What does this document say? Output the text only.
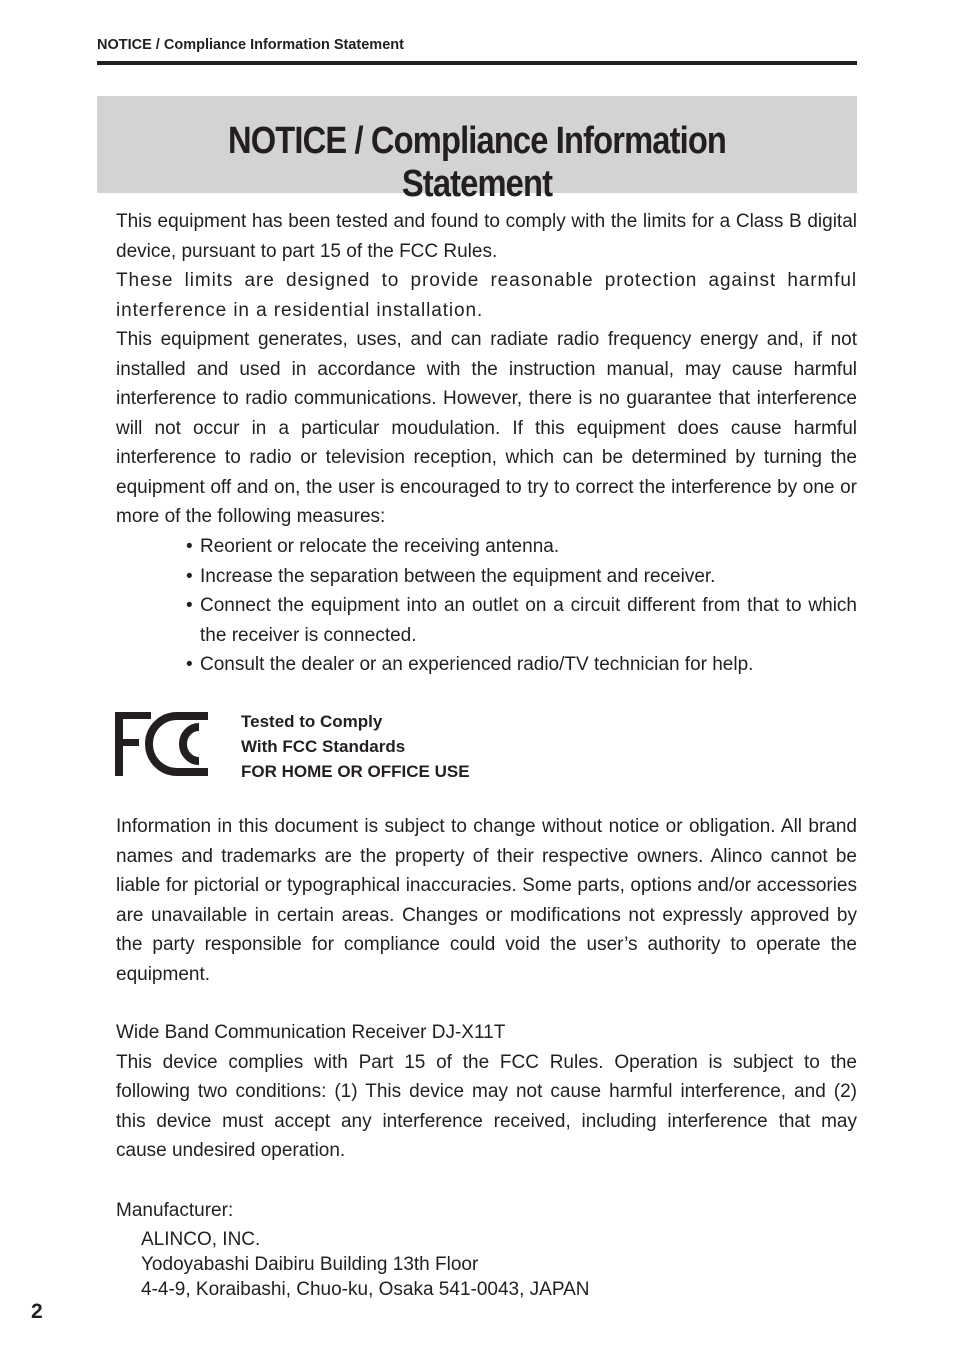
NOTICE / Compliance Information Statement
NOTICE / Compliance Information Statement

This equipment has been tested and found to comply with the limits for a Class B digital device, pursuant to part 15 of the FCC Rules.

These limits are designed to provide reasonable protection against harmful interference in a residential installation.

This equipment generates, uses, and can radiate radio frequency energy and, if not installed and used in accordance with the instruction manual, may cause harmful interference to radio communications. However, there is no guarantee that interference will not occur in a particular moudulation. If this equipment does cause harmful interference to radio or television reception, which can be determined by turning the equipment off and on, the user is encouraged to try to correct the interference by one or more of the following measures:

• Reorient or relocate the receiving antenna.
• Increase the separation between the equipment and receiver.
• Connect the equipment into an outlet on a circuit different from that to which the receiver is connected.
• Consult the dealer or an experienced radio/TV technician for help.
Tested to Comply
With FCC Standards
FOR HOME OR OFFICE USE

Information in this document is subject to change without notice or obligation. All brand names and trademarks are the property of their respective owners. Alinco cannot be liable for pictorial or typographical inaccuracies. Some parts, options and/or accessories are unavailable in certain areas. Changes or modifications not expressly approved by the party responsible for compliance could void the user’s authority to operate the equipment.

Wide Band Communication Receiver DJ-X11T

This device complies with Part 15 of the FCC Rules. Operation is subject to the following two conditions: (1) This device may not cause harmful interference, and (2) this device must accept any interference received, including interference that may cause undesired operation.

Manufacturer:

ALINCO, INC.
Yodoyabashi Daibiru Building 13th Floor
4-4-9, Koraibashi, Chuo-ku, Osaka 541-0043, JAPAN
2
